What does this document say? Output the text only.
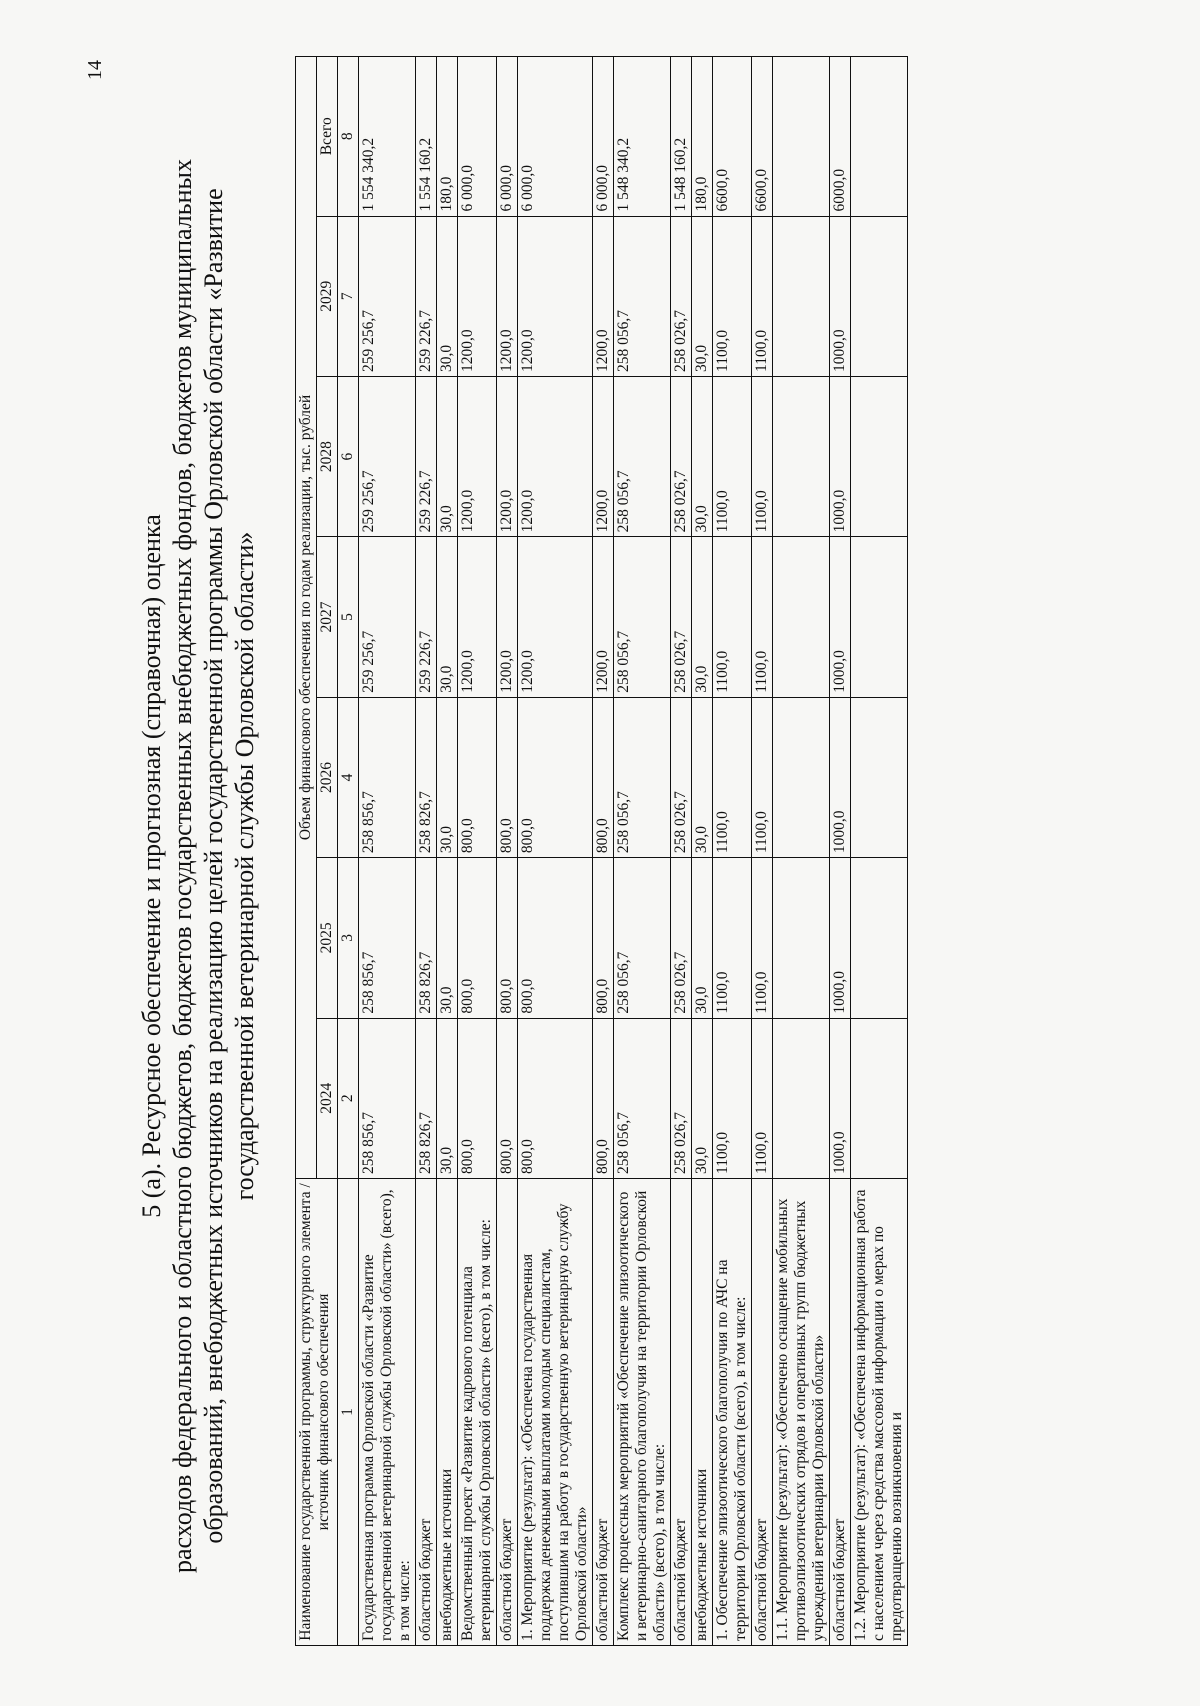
14
5 (а). Ресурсное обеспечение и прогнозная (справочная) оценка расходов федерального и областного бюджетов, бюджетов государственных внебюджетных фондов, бюджетов муниципальных образований, внебюджетных источников на реализацию целей государственной программы Орловской области «Развитие государственной ветеринарной службы Орловской области»
Наименование государственной программы, структурного элемента / источник финансового обеспечения	Объем финансового обеспечения по годам реализации, тыс. рублей						
	2024	2025	2026	2027	2028	2029	Всего
1	2	3	4	5	6	7	8
Государственная программа Орловской области «Развитие государственной ветеринарной службы Орловской области» (всего), в том числе:	258 856,7	258 856,7	258 856,7	259 256,7	259 256,7	259 256,7	1 554 340,2
областной бюджет	258 826,7	258 826,7	258 826,7	259 226,7	259 226,7	259 226,7	1 554 160,2
внебюджетные источники	30,0	30,0	30,0	30,0	30,0	30,0	180,0
Ведомственный проект «Развитие кадрового потенциала ветеринарной службы Орловской области» (всего), в том числе:	800,0	800,0	800,0	1200,0	1200,0	1200,0	6 000,0
областной бюджет	800,0	800,0	800,0	1200,0	1200,0	1200,0	6 000,0
1. Мероприятие (результат): «Обеспечена государственная поддержка денежными выплатами молодым специалистам, поступившим на работу в государственную ветеринарную службу Орловской области»	800,0	800,0	800,0	1200,0	1200,0	1200,0	6 000,0
областной бюджет	800,0	800,0	800,0	1200,0	1200,0	1200,0	6 000,0
Комплекс процессных мероприятий «Обеспечение эпизоотического и ветеринарно-санитарного благополучия на территории Орловской области» (всего), в том числе:	258 056,7	258 056,7	258 056,7	258 056,7	258 056,7	258 056,7	1 548 340,2
областной бюджет	258 026,7	258 026,7	258 026,7	258 026,7	258 026,7	258 026,7	1 548 160,2
внебюджетные источники	30,0	30,0	30,0	30,0	30,0	30,0	180,0
1. Обеспечение эпизоотического благополучия по АЧС на территории Орловской области (всего), в том числе:	1100,0	1100,0	1100,0	1100,0	1100,0	1100,0	6600,0
областной бюджет	1100,0	1100,0	1100,0	1100,0	1100,0	1100,0	6600,0
1.1. Мероприятие (результат): «Обеспечено оснащение мобильных противоэпизоотических отрядов и оперативных групп бюджетных учреждений ветеринарии Орловской области»							
областной бюджет	1000,0	1000,0	1000,0	1000,0	1000,0	1000,0	6000,0
1.2. Мероприятие (результат): «Обеспечена информационная работа с населением через средства массовой информации о мерах по предотвращению возникновения и							
